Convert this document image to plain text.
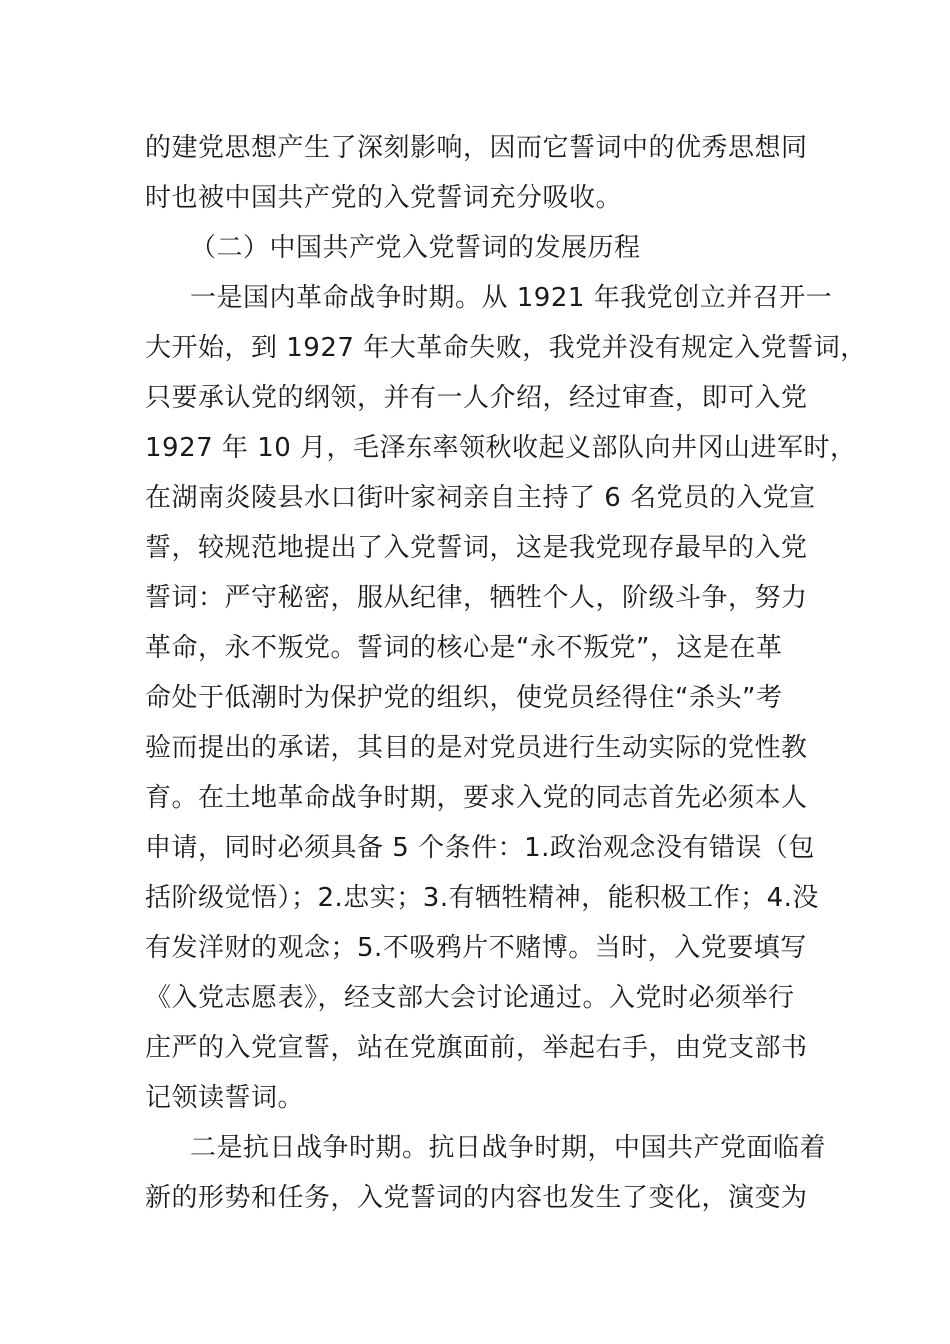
的建党思想产生了深刻影响，因而它誓词中的优秀思想同
时也被中国共产党的入党誓词充分吸收。
（二）中国共产党入党誓词的发展历程
一是国内革命战争时期。从 1921 年我党创立并召开一
大开始，到 1927 年大革命失败，我党并没有规定入党誓词，
只要承认党的纲领，并有一人介绍，经过审查，即可入党
1927 年 10 月，毛泽东率领秋收起义部队向井冈山进军时，
在湖南炎陵县水口街叶家祠亲自主持了 6 名党员的入党宣
誓，较规范地提出了入党誓词，这是我党现存最早的入党
誓词：严守秘密，服从纪律，牺牲个人，阶级斗争，努力
革命，永不叛党。誓词的核心是“永不叛党”，这是在革
命处于低潮时为保护党的组织，使党员经得住“杀头”考
验而提出的承诺，其目的是对党员进行生动实际的党性教
育。在土地革命战争时期，要求入党的同志首先必须本人
申请，同时必须具备 5 个条件：1.政治观念没有错误（包
括阶级觉悟）；2.忠实；3.有牺牲精神，能积极工作；4.没
有发洋财的观念；5.不吸鸦片不赌博。当时，入党要填写
《入党志愿表》，经支部大会讨论通过。入党时必须举行
庄严的入党宣誓，站在党旗面前，举起右手，由党支部书
记领读誓词。
二是抗日战争时期。抗日战争时期，中国共产党面临着
新的形势和任务，入党誓词的内容也发生了变化，演变为
